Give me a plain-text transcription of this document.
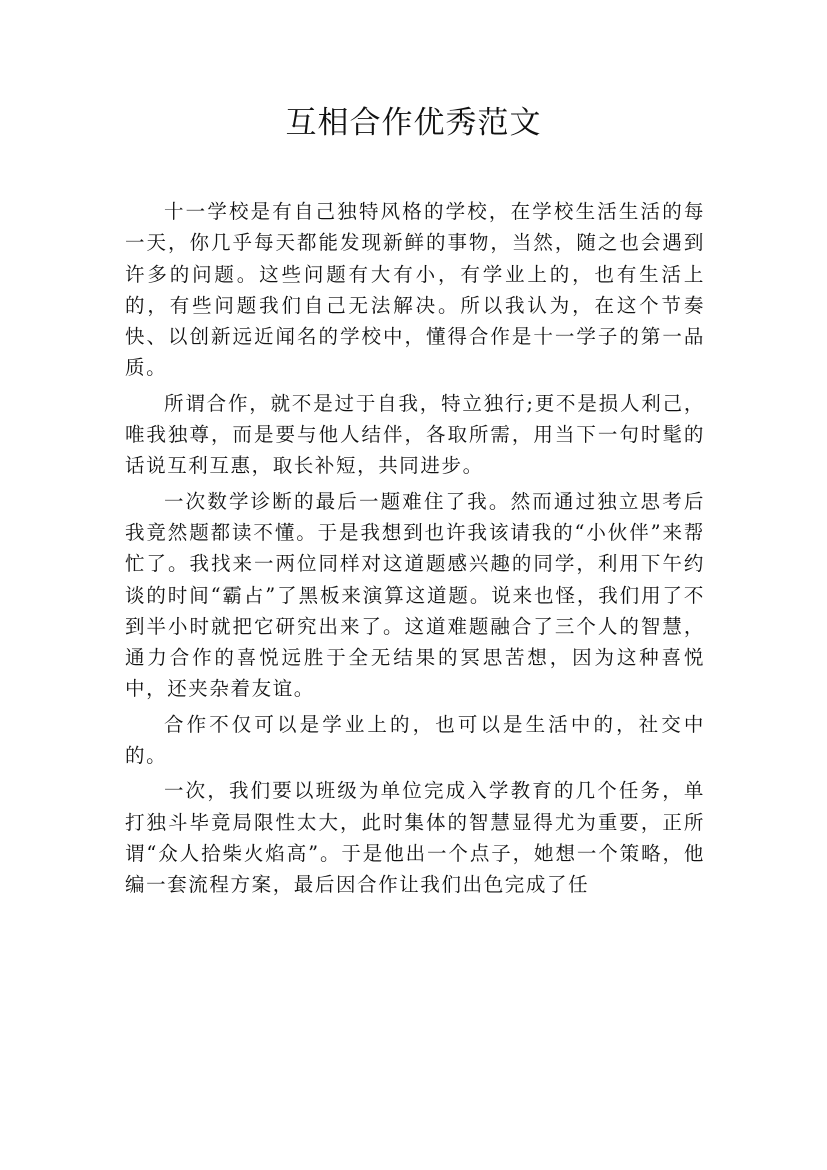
互相合作优秀范文

十一学校是有自己独特风格的学校，在学校生活生活的每一天，你几乎每天都能发现新鲜的事物，当然，随之也会遇到许多的问题。这些问题有大有小，有学业上的，也有生活上的，有些问题我们自己无法解决。所以我认为，在这个节奏快、以创新远近闻名的学校中，懂得合作是十一学子的第一品质。

所谓合作，就不是过于自我，特立独行;更不是损人利己，唯我独尊，而是要与他人结伴，各取所需，用当下一句时髦的话说互利互惠，取长补短，共同进步。

一次数学诊断的最后一题难住了我。然而通过独立思考后我竟然题都读不懂。于是我想到也许我该请我的“小伙伴”来帮忙了。我找来一两位同样对这道题感兴趣的同学，利用下午约谈的时间“霸占”了黑板来演算这道题。说来也怪，我们用了不到半小时就把它研究出来了。这道难题融合了三个人的智慧，通力合作的喜悦远胜于全无结果的冥思苦想，因为这种喜悦中，还夹杂着友谊。

合作不仅可以是学业上的，也可以是生活中的，社交中的。

一次，我们要以班级为单位完成入学教育的几个任务，单打独斗毕竟局限性太大，此时集体的智慧显得尤为重要，正所谓“众人拾柴火焰高”。于是他出一个点子，她想一个策略，他编一套流程方案，最后因合作让我们出色完成了任
